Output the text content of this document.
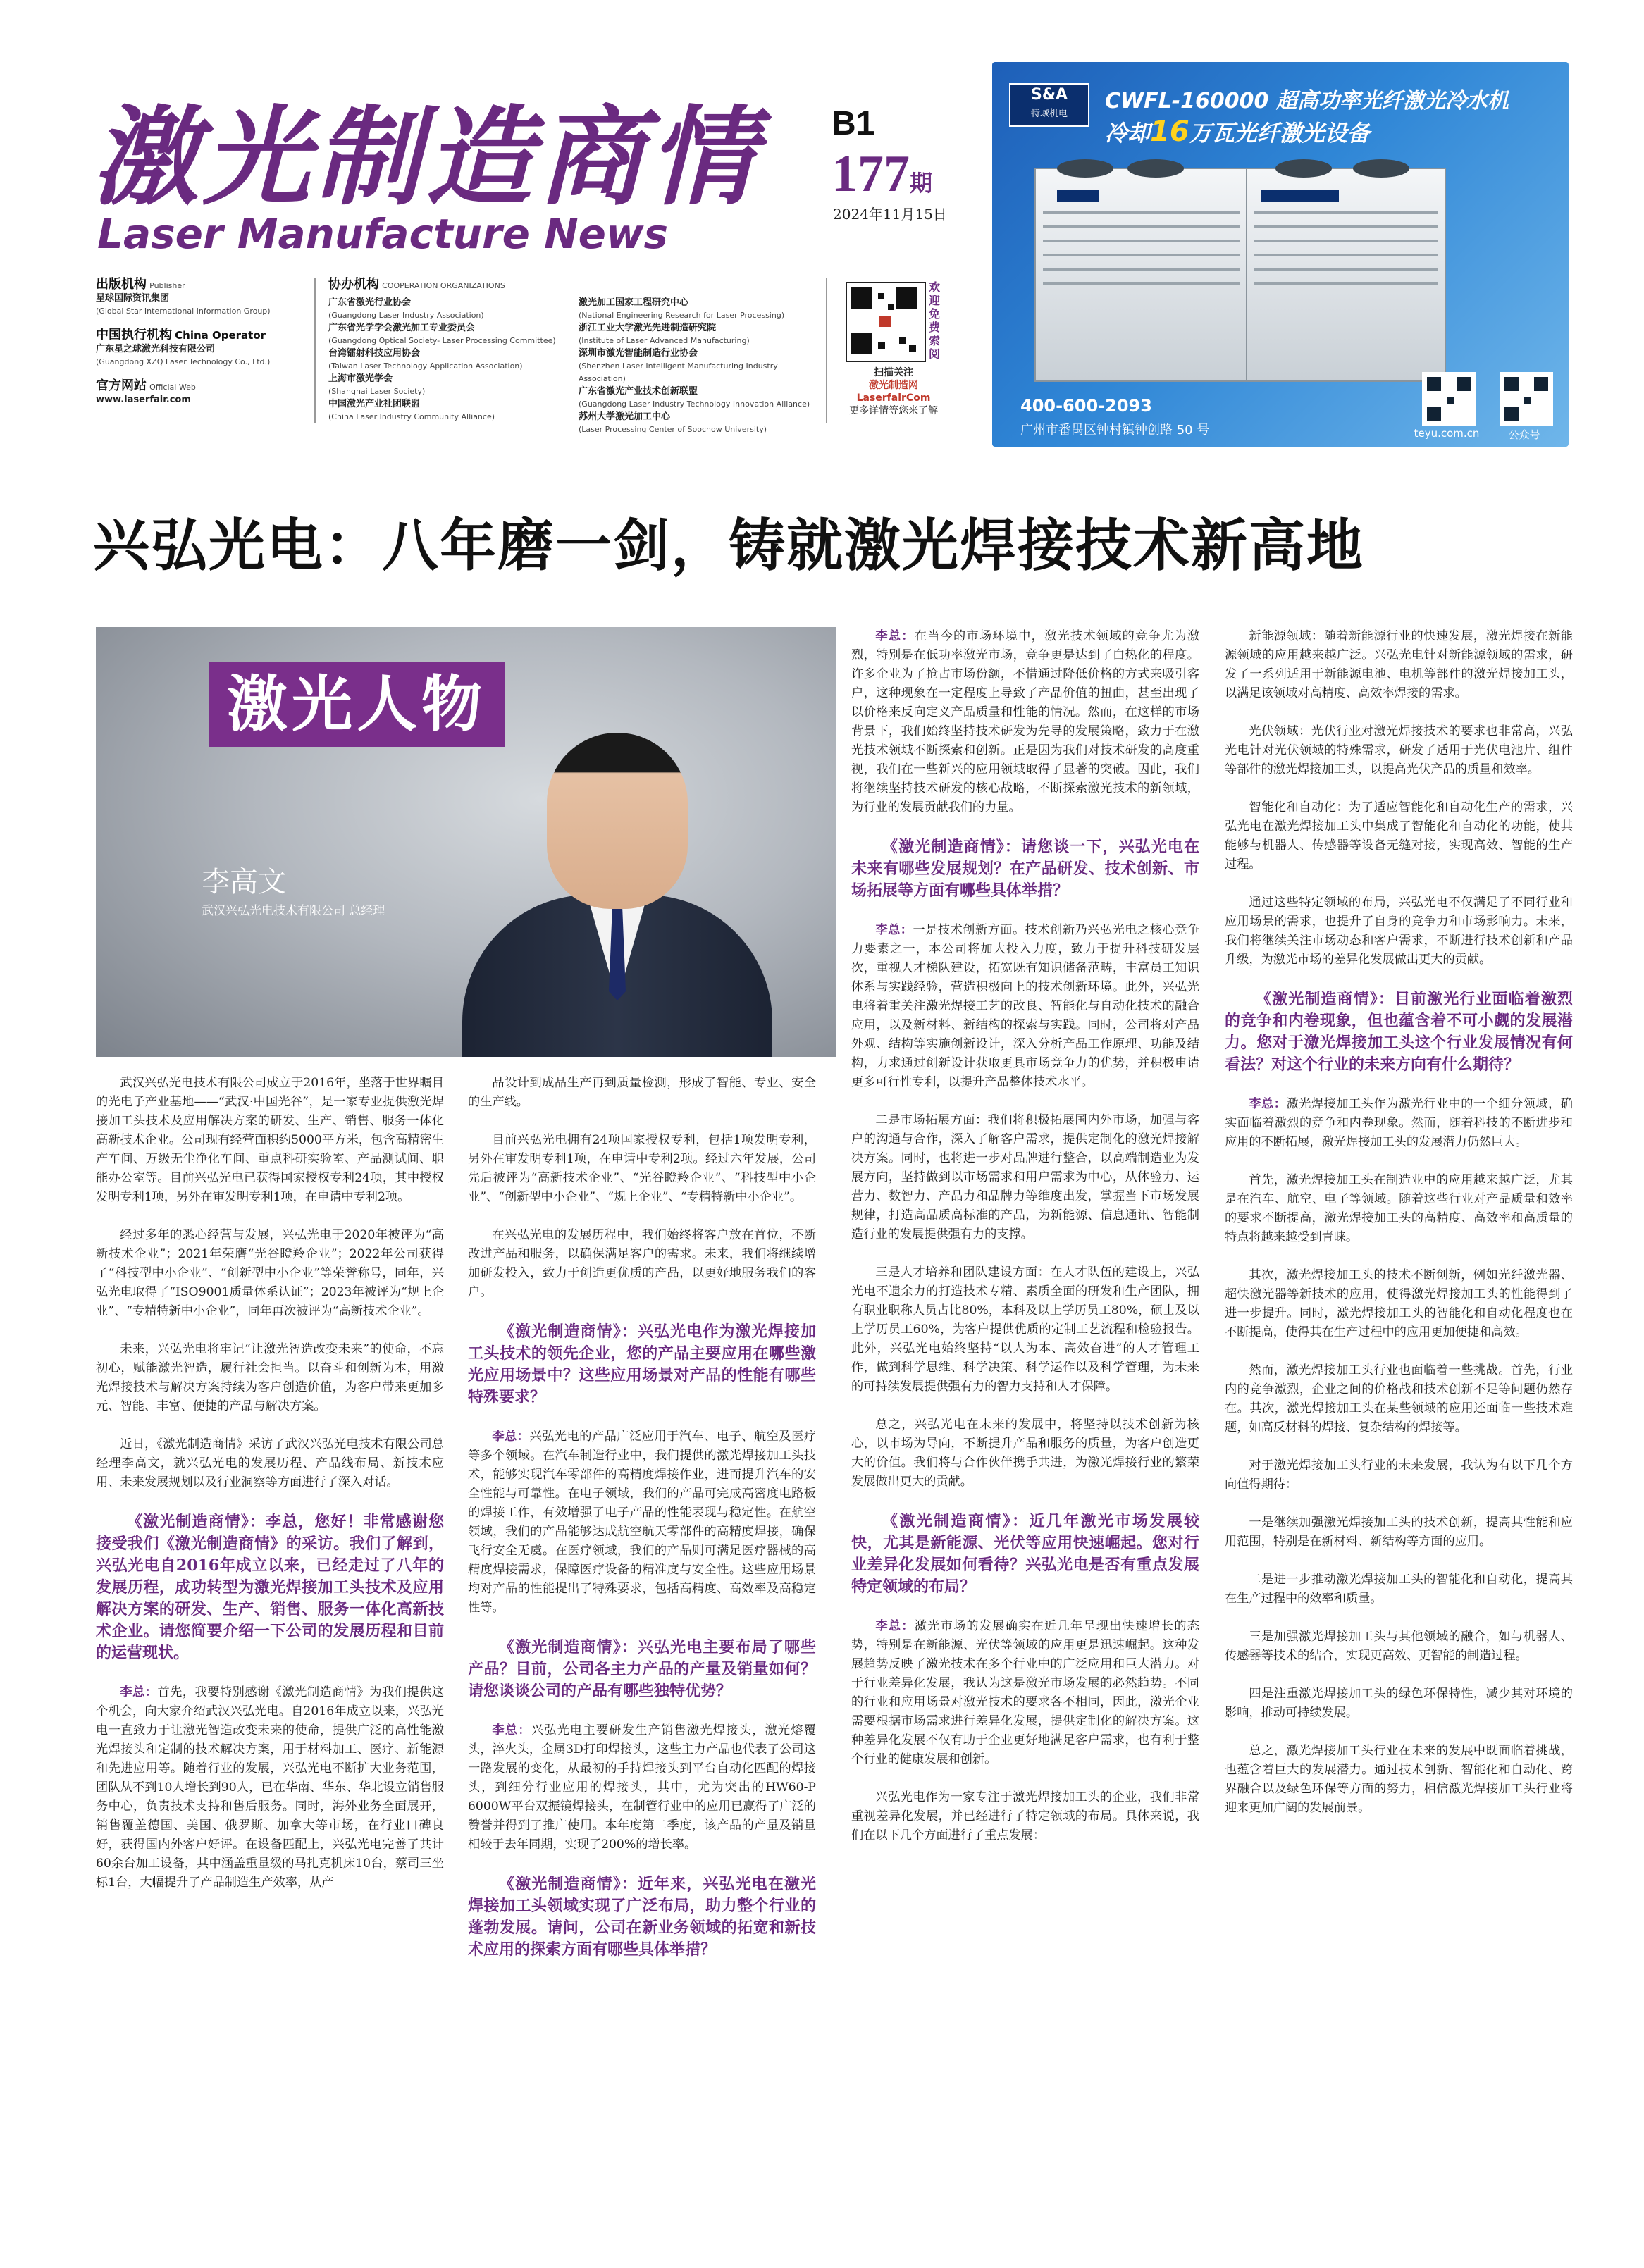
激光制造商情
Laser Manufacture News
B1
177期
2024年11月15日
出版机构 Publisher
星球国际资讯集团
(Global Star International Information Group)
中国执行机构 China Operator
广东星之球激光科技有限公司
(Guangdong XZQ Laser Technology Co., Ltd.)
官方网站 Official Web
www.laserfair.com
协办机构 COOPERATION ORGANIZATIONS
广东省激光行业协会
(Guangdong Laser Industry Association)
广东省光学学会激光加工专业委员会
(Guangdong Optical Society- Laser Processing Committee)
台湾镭射科技应用协会
(Taiwan Laser Technology Application Association)
上海市激光学会
(Shanghai Laser Society)
中国激光产业社团联盟
(China Laser Industry Community Alliance)
激光加工国家工程研究中心
(National Engineering Research for Laser Processing)
浙江工业大学激光先进制造研究院
(Institute of Laser Advanced Manufacturing)
深圳市激光智能制造行业协会
(Shenzhen Laser Intelligent Manufacturing Industry Association)
广东省激光产业技术创新联盟
(Guangdong Laser Industry Technology Innovation Alliance)
苏州大学激光加工中心
(Laser Processing Center of Soochow University)
欢迎免费索阅
扫描关注
激光制造网 LaserfairCom
更多详情等您来了解
S&A
特域机电
CWFL-160000 超高功率光纤激光冷水机
冷却16万瓦光纤激光设备
400-600-2093
广州市番禺区钟村镇钟创路 50 号	teyu.com.cn	公众号
兴弘光电：八年磨一剑，铸就激光焊接技术新高地
激光人物
李高文
武汉兴弘光电技术有限公司 总经理

武汉兴弘光电技术有限公司成立于2016年，坐落于世界瞩目的光电子产业基地——“武汉·中国光谷”，是一家专业提供激光焊接加工头技术及应用解决方案的研发、生产、销售、服务一体化高新技术企业。公司现有经营面积约5000平方米，包含高精密生产车间、万级无尘净化车间、重点科研实验室、产品测试间、职能办公室等。目前兴弘光电已获得国家授权专利24项，其中授权发明专利1项，另外在审发明专利1项，在申请中专利2项。

经过多年的悉心经营与发展，兴弘光电于2020年被评为“高新技术企业”；2021年荣膺“光谷瞪羚企业”；2022年公司获得了“科技型中小企业”、“创新型中小企业”等荣誉称号，同年，兴弘光电取得了“ISO9001质量体系认证”；2023年被评为“规上企业”、“专精特新中小企业”，同年再次被评为“高新技术企业”。

未来，兴弘光电将牢记“让激光智造改变未来”的使命，不忘初心，赋能激光智造，履行社会担当。以奋斗和创新为本，用激光焊接技术与解决方案持续为客户创造价值，为客户带来更加多元、智能、丰富、便捷的产品与解决方案。

近日，《激光制造商情》采访了武汉兴弘光电技术有限公司总经理李高文，就兴弘光电的发展历程、产品线布局、新技术应用、未来发展规划以及行业洞察等方面进行了深入对话。

《激光制造商情》：李总，您好！非常感谢您接受我们《激光制造商情》的采访。我们了解到，兴弘光电自2016年成立以来，已经走过了八年的发展历程，成功转型为激光焊接加工头技术及应用解决方案的研发、生产、销售、服务一体化高新技术企业。请您简要介绍一下公司的发展历程和目前的运营现状。

李总：首先，我要特别感谢《激光制造商情》为我们提供这个机会，向大家介绍武汉兴弘光电。自2016年成立以来，兴弘光电一直致力于让激光智造改变未来的使命，提供广泛的高性能激光焊接头和定制的技术解决方案，用于材料加工、医疗、新能源和先进应用等。随着行业的发展，兴弘光电不断扩大业务范围，团队从不到10人增长到90人，已在华南、华东、华北设立销售服务中心，负责技术支持和售后服务。同时，海外业务全面展开，销售覆盖德国、美国、俄罗斯、加拿大等市场，在行业口碑良好，获得国内外客户好评。在设备匹配上，兴弘光电完善了共计60余台加工设备，其中涵盖重量级的马扎克机床10台，蔡司三坐标1台，大幅提升了产品制造生产效率，从产

品设计到成品生产再到质量检测，形成了智能、专业、安全的生产线。

目前兴弘光电拥有24项国家授权专利，包括1项发明专利，另外在审发明专利1项，在申请中专利2项。经过六年发展，公司先后被评为“高新技术企业”、“光谷瞪羚企业”、“科技型中小企业”、“创新型中小企业”、“规上企业”、“专精特新中小企业”。

在兴弘光电的发展历程中，我们始终将客户放在首位，不断改进产品和服务，以确保满足客户的需求。未来，我们将继续增加研发投入，致力于创造更优质的产品，以更好地服务我们的客户。

《激光制造商情》：兴弘光电作为激光焊接加工头技术的领先企业，您的产品主要应用在哪些激光应用场景中？这些应用场景对产品的性能有哪些特殊要求？

李总：兴弘光电的产品广泛应用于汽车、电子、航空及医疗等多个领域。在汽车制造行业中，我们提供的激光焊接加工头技术，能够实现汽车零部件的高精度焊接作业，进而提升汽车的安全性能与可靠性。在电子领域，我们的产品可完成高密度电路板的焊接工作，有效增强了电子产品的性能表现与稳定性。在航空领域，我们的产品能够达成航空航天零部件的高精度焊接，确保飞行安全无虞。在医疗领域，我们的产品则可满足医疗器械的高精度焊接需求，保障医疗设备的精准度与安全性。这些应用场景均对产品的性能提出了特殊要求，包括高精度、高效率及高稳定性等。

《激光制造商情》：兴弘光电主要布局了哪些产品？目前，公司各主力产品的产量及销量如何？请您谈谈公司的产品有哪些独特优势？

李总：兴弘光电主要研发生产销售激光焊接头，激光熔覆头，淬火头，金属3D打印焊接头，这些主力产品也代表了公司这一路发展的变化，从最初的手持焊接头到平台自动化匹配的焊接头，到细分行业应用的焊接头，其中，尤为突出的HW60-P 6000W平台双振镜焊接头，在制管行业中的应用已赢得了广泛的赞誉并得到了推广使用。本年度第二季度，该产品的产量及销量相较于去年同期，实现了200%的增长率。

《激光制造商情》：近年来，兴弘光电在激光焊接加工头领域实现了广泛布局，助力整个行业的蓬勃发展。请问，公司在新业务领域的拓宽和新技术应用的探索方面有哪些具体举措？

李总：在当今的市场环境中，激光技术领域的竞争尤为激烈，特别是在低功率激光市场，竞争更是达到了白热化的程度。许多企业为了抢占市场份额，不惜通过降低价格的方式来吸引客户，这种现象在一定程度上导致了产品价值的扭曲，甚至出现了以价格来反向定义产品质量和性能的情况。然而，在这样的市场背景下，我们始终坚持技术研发为先导的发展策略，致力于在激光技术领域不断探索和创新。正是因为我们对技术研发的高度重视，我们在一些新兴的应用领域取得了显著的突破。因此，我们将继续坚持技术研发的核心战略，不断探索激光技术的新领域，为行业的发展贡献我们的力量。

《激光制造商情》：请您谈一下，兴弘光电在未来有哪些发展规划？在产品研发、技术创新、市场拓展等方面有哪些具体举措？

李总：一是技术创新方面。技术创新乃兴弘光电之核心竞争力要素之一，本公司将加大投入力度，致力于提升科技研发层次，重视人才梯队建设，拓宽既有知识储备范畴，丰富员工知识体系与实践经验，营造积极向上的技术创新环境。此外，兴弘光电将着重关注激光焊接工艺的改良、智能化与自动化技术的融合应用，以及新材料、新结构的探索与实践。同时，公司将对产品外观、结构等实施创新设计，深入分析产品工作原理、功能及结构，力求通过创新设计获取更具市场竞争力的优势，并积极申请更多可行性专利，以提升产品整体技术水平。

二是市场拓展方面：我们将积极拓展国内外市场，加强与客户的沟通与合作，深入了解客户需求，提供定制化的激光焊接解决方案。同时，也将进一步对品牌进行整合，以高端制造业为发展方向，坚持做到以市场需求和用户需求为中心，从体验力、运营力、数智力、产品力和品牌力等维度出发，掌握当下市场发展规律，打造高品质高标准的产品，为新能源、信息通讯、智能制造行业的发展提供强有力的支撑。

三是人才培养和团队建设方面：在人才队伍的建设上，兴弘光电不遗余力的打造技术专精、素质全面的研发和生产团队，拥有职业职称人员占比80%，本科及以上学历员工80%，硕士及以上学历员工60%，为客户提供优质的定制工艺流程和检验报告。此外，兴弘光电始终坚持“以人为本、高效奋进”的人才管理工作，做到科学思维、科学决策、科学运作以及科学管理，为未来的可持续发展提供强有力的智力支持和人才保障。

总之，兴弘光电在未来的发展中，将坚持以技术创新为核心，以市场为导向，不断提升产品和服务的质量，为客户创造更大的价值。我们将与合作伙伴携手共进，为激光焊接行业的繁荣发展做出更大的贡献。

《激光制造商情》：近几年激光市场发展较快，尤其是新能源、光伏等应用快速崛起。您对行业差异化发展如何看待？兴弘光电是否有重点发展特定领域的布局？

李总：激光市场的发展确实在近几年呈现出快速增长的态势，特别是在新能源、光伏等领域的应用更是迅速崛起。这种发展趋势反映了激光技术在多个行业中的广泛应用和巨大潜力。对于行业差异化发展，我认为这是激光市场发展的必然趋势。不同的行业和应用场景对激光技术的要求各不相同，因此，激光企业需要根据市场需求进行差异化发展，提供定制化的解决方案。这种差异化发展不仅有助于企业更好地满足客户需求，也有利于整个行业的健康发展和创新。

兴弘光电作为一家专注于激光焊接加工头的企业，我们非常重视差异化发展，并已经进行了特定领域的布局。具体来说，我们在以下几个方面进行了重点发展：

新能源领域：随着新能源行业的快速发展，激光焊接在新能源领域的应用越来越广泛。兴弘光电针对新能源领域的需求，研发了一系列适用于新能源电池、电机等部件的激光焊接加工头，以满足该领域对高精度、高效率焊接的需求。

光伏领域：光伏行业对激光焊接技术的要求也非常高，兴弘光电针对光伏领域的特殊需求，研发了适用于光伏电池片、组件等部件的激光焊接加工头，以提高光伏产品的质量和效率。

智能化和自动化：为了适应智能化和自动化生产的需求，兴弘光电在激光焊接加工头中集成了智能化和自动化的功能，使其能够与机器人、传感器等设备无缝对接，实现高效、智能的生产过程。

通过这些特定领域的布局，兴弘光电不仅满足了不同行业和应用场景的需求，也提升了自身的竞争力和市场影响力。未来，我们将继续关注市场动态和客户需求，不断进行技术创新和产品升级，为激光市场的差异化发展做出更大的贡献。

《激光制造商情》：目前激光行业面临着激烈的竞争和内卷现象，但也蕴含着不可小觑的发展潜力。您对于激光焊接加工头这个行业发展情况有何看法？对这个行业的未来方向有什么期待？

李总：激光焊接加工头作为激光行业中的一个细分领域，确实面临着激烈的竞争和内卷现象。然而，随着科技的不断进步和应用的不断拓展，激光焊接加工头的发展潜力仍然巨大。

首先，激光焊接加工头在制造业中的应用越来越广泛，尤其是在汽车、航空、电子等领域。随着这些行业对产品质量和效率的要求不断提高，激光焊接加工头的高精度、高效率和高质量的特点将越来越受到青睐。

其次，激光焊接加工头的技术不断创新，例如光纤激光器、超快激光器等新技术的应用，使得激光焊接加工头的性能得到了进一步提升。同时，激光焊接加工头的智能化和自动化程度也在不断提高，使得其在生产过程中的应用更加便捷和高效。

然而，激光焊接加工头行业也面临着一些挑战。首先，行业内的竞争激烈，企业之间的价格战和技术创新不足等问题仍然存在。其次，激光焊接加工头在某些领域的应用还面临一些技术难题，如高反材料的焊接、复杂结构的焊接等。

对于激光焊接加工头行业的未来发展，我认为有以下几个方向值得期待：

一是继续加强激光焊接加工头的技术创新，提高其性能和应用范围，特别是在新材料、新结构等方面的应用。

二是进一步推动激光焊接加工头的智能化和自动化，提高其在生产过程中的效率和质量。

三是加强激光焊接加工头与其他领域的融合，如与机器人、传感器等技术的结合，实现更高效、更智能的制造过程。

四是注重激光焊接加工头的绿色环保特性，减少其对环境的影响，推动可持续发展。

总之，激光焊接加工头行业在未来的发展中既面临着挑战，也蕴含着巨大的发展潜力。通过技术创新、智能化和自动化、跨界融合以及绿色环保等方面的努力，相信激光焊接加工头行业将迎来更加广阔的发展前景。
